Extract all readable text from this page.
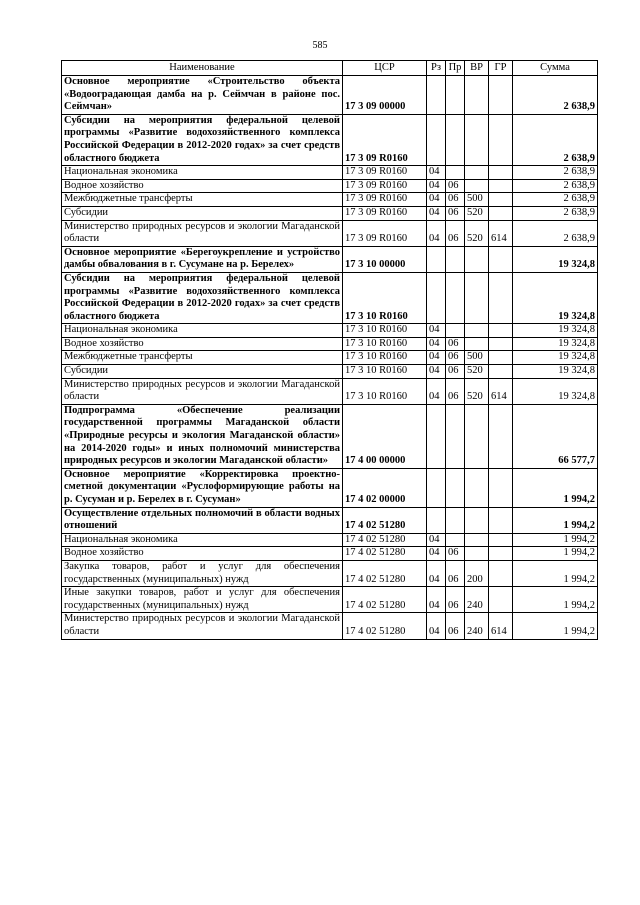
585
Наименование	ЦСР	Рз	Пр	ВР	ГР	Сумма
Основное мероприятие «Строительство объекта «Водооградающая дамба на р. Сеймчан в районе пос. Сеймчан»	17 3 09 00000					2 638,9
Субсидии на мероприятия федеральной целевой программы «Развитие водохозяйственного комплекса Российской Федерации в 2012-2020 годах» за счет средств областного бюджета	17 3 09 R0160					2 638,9
Национальная экономика	17 3 09 R0160	04				2 638,9
Водное хозяйство	17 3 09 R0160	04	06			2 638,9
Межбюджетные трансферты	17 3 09 R0160	04	06	500		2 638,9
Субсидии	17 3 09 R0160	04	06	520		2 638,9
Министерство природных ресурсов и экологии Магаданской области	17 3 09 R0160	04	06	520	614	2 638,9
Основное мероприятие «Берегоукрепление и устройство дамбы обвалования в г. Сусумане на р. Берелех»	17 3 10 00000					19 324,8
Субсидии на мероприятия федеральной целевой программы «Развитие водохозяйственного комплекса Российской Федерации в 2012-2020 годах» за счет средств областного бюджета	17 3 10 R0160					19 324,8
Национальная экономика	17 3 10 R0160	04				19 324,8
Водное хозяйство	17 3 10 R0160	04	06			19 324,8
Межбюджетные трансферты	17 3 10 R0160	04	06	500		19 324,8
Субсидии	17 3 10 R0160	04	06	520		19 324,8
Министерство природных ресурсов и экологии Магаданской области	17 3 10 R0160	04	06	520	614	19 324,8
Подпрограмма «Обеспечение реализации государственной программы Магаданской области «Природные ресурсы и экология Магаданской области» на 2014-2020 годы» и иных полномочий министерства природных ресурсов и экологии Магаданской области»	17 4 00 00000					66 577,7
Основное мероприятие «Корректировка проектно-сметной документации «Руслоформирующие работы на р. Сусуман и р. Берелех в г. Сусуман»	17 4 02 00000					1 994,2
Осуществление отдельных полномочий в области водных отношений	17 4 02 51280					1 994,2
Национальная экономика	17 4 02 51280	04				1 994,2
Водное хозяйство	17 4 02 51280	04	06			1 994,2
Закупка товаров, работ и услуг для обеспечения государственных (муниципальных) нужд	17 4 02 51280	04	06	200		1 994,2
Иные закупки товаров, работ и услуг для обеспечения государственных (муниципальных) нужд	17 4 02 51280	04	06	240		1 994,2
Министерство природных ресурсов и экологии Магаданской области	17 4 02 51280	04	06	240	614	1 994,2
